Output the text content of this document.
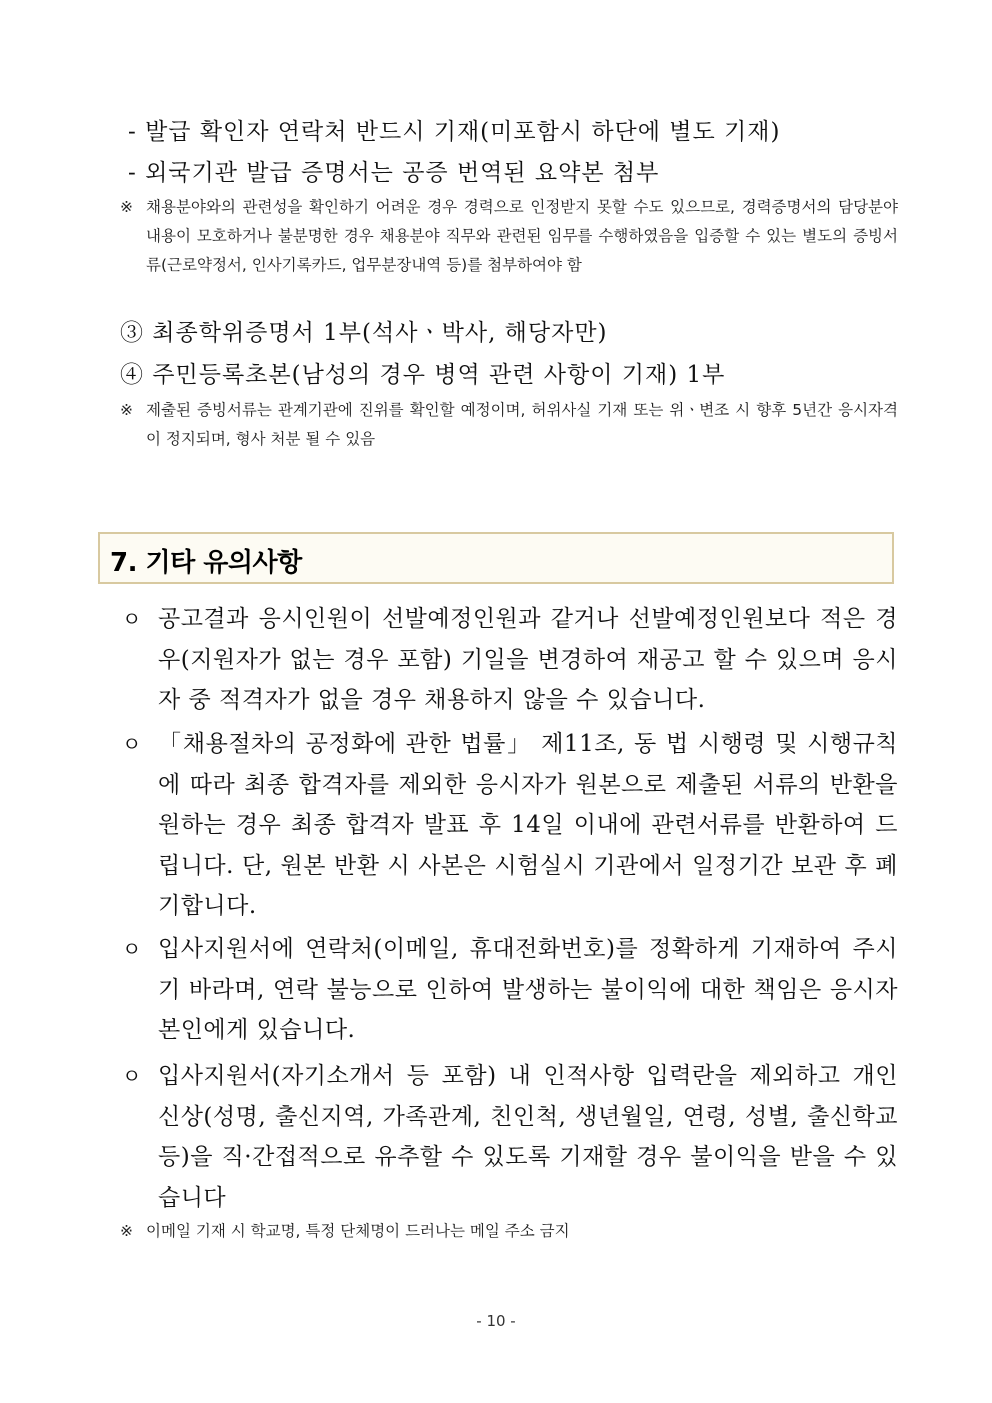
- 발급 확인자 연락처 반드시 기재(미포함시 하단에 별도 기재)
- 외국기관 발급 증명서는 공증 번역된 요약본 첨부
※ 채용분야와의 관련성을 확인하기 어려운 경우 경력으로 인정받지 못할 수도 있으므로, 경력증명서의 담당분야 내용이 모호하거나 불분명한 경우 채용분야 직무와 관련된 임무를 수행하였음을 입증할 수 있는 별도의 증빙서류(근로약정서, 인사기록카드, 업무분장내역 등)를 첨부하여야 함
③ 최종학위증명서 1부(석사ㆍ박사, 해당자만)
④ 주민등록초본(남성의 경우 병역 관련 사항이 기재) 1부
※ 제출된 증빙서류는 관계기관에 진위를 확인할 예정이며, 허위사실 기재 또는 위ㆍ변조 시 향후 5년간 응시자격이 정지되며, 형사 처분 될 수 있음
7. 기타 유의사항
ㅇ 공고결과 응시인원이 선발예정인원과 같거나 선발예정인원보다 적은 경우(지원자가 없는 경우 포함) 기일을 변경하여 재공고 할 수 있으며 응시자 중 적격자가 없을 경우 채용하지 않을 수 있습니다.
ㅇ 「채용절차의 공정화에 관한 법률」 제11조, 동 법 시행령 및 시행규칙에 따라 최종 합격자를 제외한 응시자가 원본으로 제출된 서류의 반환을 원하는 경우 최종 합격자 발표 후 14일 이내에 관련서류를 반환하여 드립니다. 단, 원본 반환 시 사본은 시험실시 기관에서 일정기간 보관 후 폐기합니다.
ㅇ 입사지원서에 연락처(이메일, 휴대전화번호)를 정확하게 기재하여 주시기 바라며, 연락 불능으로 인하여 발생하는 불이익에 대한 책임은 응시자 본인에게 있습니다.
ㅇ 입사지원서(자기소개서 등 포함) 내 인적사항 입력란을 제외하고 개인 신상(성명, 출신지역, 가족관계, 친인척, 생년월일, 연령, 성별, 출신학교 등)을 직·간접적으로 유추할 수 있도록 기재할 경우 불이익을 받을 수 있습니다
※ 이메일 기재 시 학교명, 특정 단체명이 드러나는 메일 주소 금지
- 10 -
